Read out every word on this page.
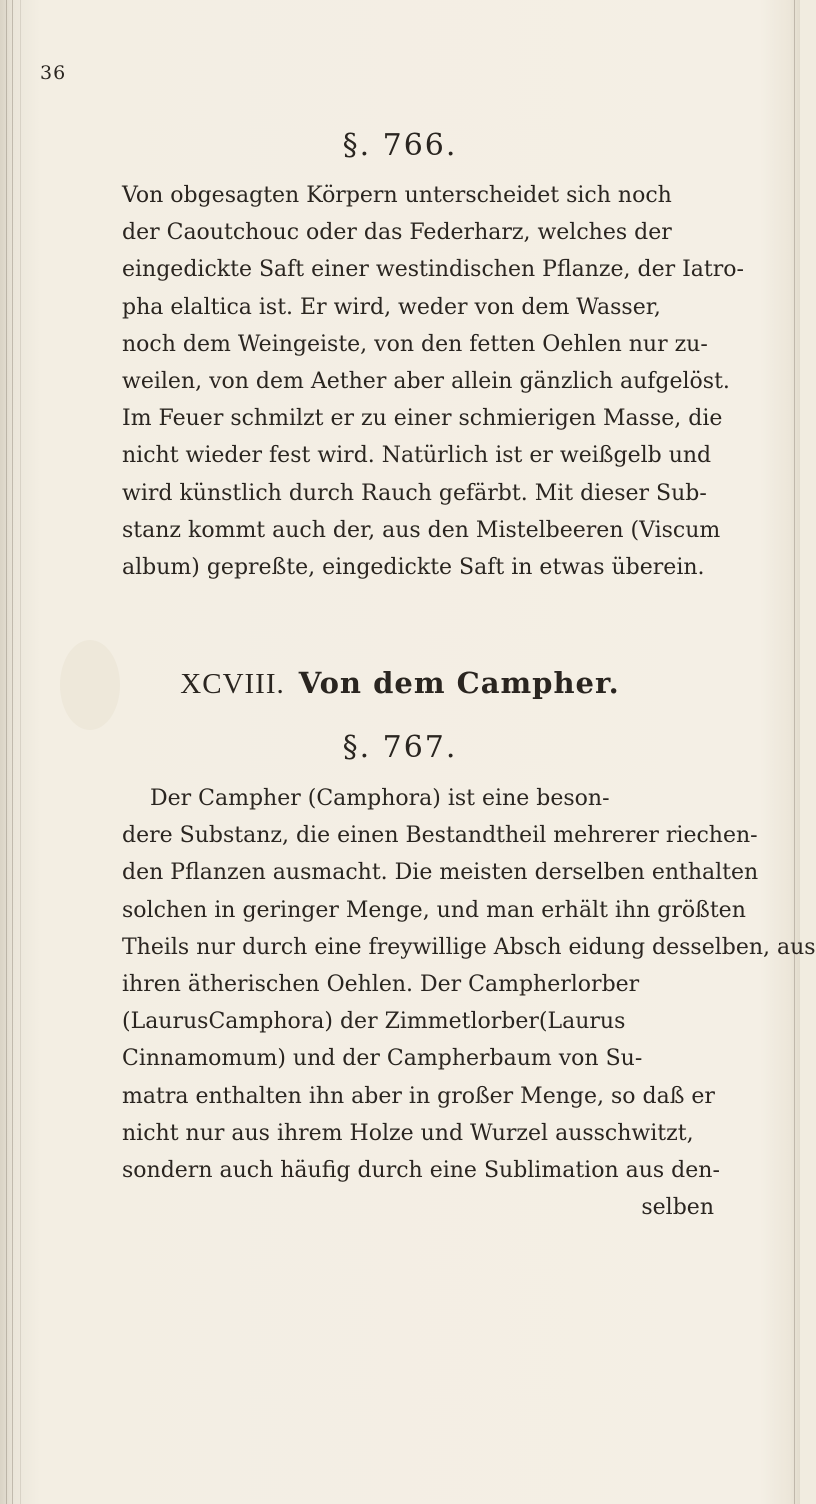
36
§. 766.
Von obgesagten Körpern unterscheidet sich noch
der Caoutchouc oder das Federharz, welches der
eingedickte Saft einer westindischen Pflanze, der Iatro-
pha elaltica ist. Er wird, weder von dem Wasser,
noch dem Weingeiste, von den fetten Oehlen nur zu-
weilen, von dem Aether aber allein gänzlich aufgelöst.
Im Feuer schmilzt er zu einer schmierigen Masse, die
nicht wieder fest wird. Natürlich ist er weißgelb und
wird künstlich durch Rauch gefärbt. Mit dieser Sub-
stanz kommt auch der, aus den Mistelbeeren (Viscum
album) gepreßte, eingedickte Saft in etwas überein.
XCVIII. Von dem Campher.
§. 767.
Der Campher (Camphora) ist eine beson-
dere Substanz, die einen Bestandtheil mehrerer riechen-
den Pflanzen ausmacht. Die meisten derselben enthalten
solchen in geringer Menge, und man erhält ihn größten
Theils nur durch eine freywillige Absch eidung desselben, aus
ihren ätherischen Oehlen. Der Campherlorber
(LaurusCamphora) der Zimmetlorber(Laurus
Cinnamomum) und der Campherbaum von Su-
matra enthalten ihn aber in großer Menge, so daß er
nicht nur aus ihrem Holze und Wurzel ausschwitzt,
sondern auch häufig durch eine Sublimation aus den-
selben
